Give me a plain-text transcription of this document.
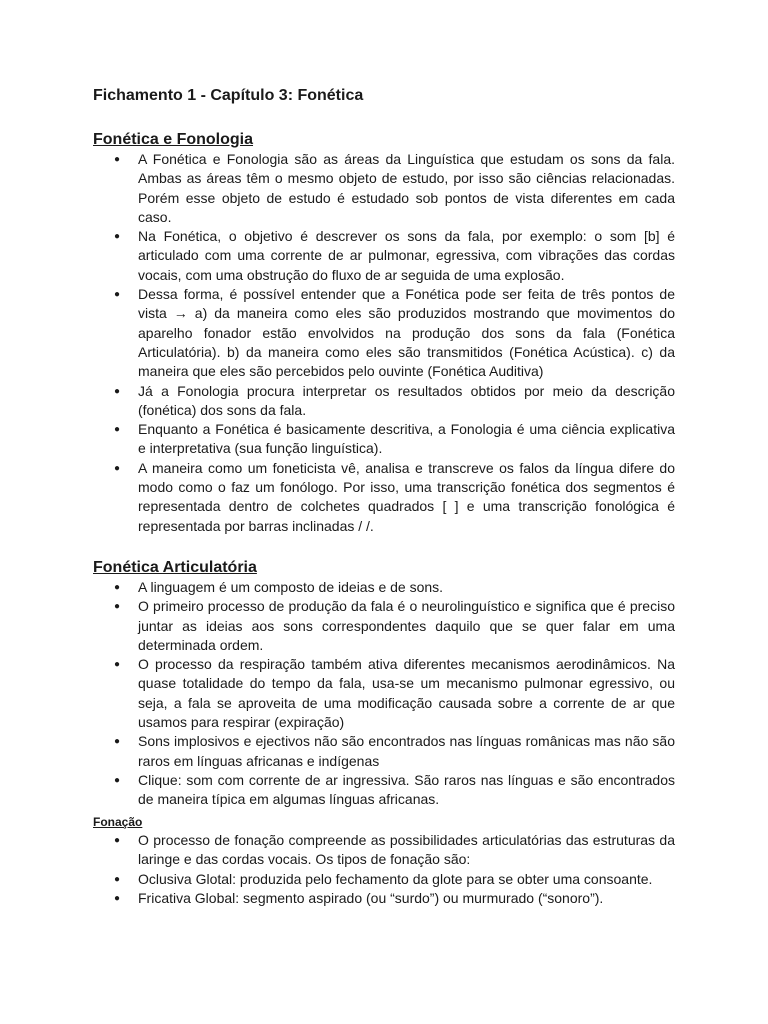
Fichamento 1 - Capítulo 3: Fonética
Fonética e Fonologia
● A Fonética e Fonologia são as áreas da Linguística que estudam os sons da fala. Ambas as áreas têm o mesmo objeto de estudo, por isso são ciências relacionadas. Porém esse objeto de estudo é estudado sob pontos de vista diferentes em cada caso.
● Na Fonética, o objetivo é descrever os sons da fala, por exemplo: o som [b] é articulado com uma corrente de ar pulmonar, egressiva, com vibrações das cordas vocais, com uma obstrução do fluxo de ar seguida de uma explosão.
● Dessa forma, é possível entender que a Fonética pode ser feita de três pontos de vista → a) da maneira como eles são produzidos mostrando que movimentos do aparelho fonador estão envolvidos na produção dos sons da fala (Fonética Articulatória). b) da maneira como eles são transmitidos (Fonética Acústica). c) da maneira que eles são percebidos pelo ouvinte (Fonética Auditiva)
● Já a Fonologia procura interpretar os resultados obtidos por meio da descrição (fonética) dos sons da fala.
● Enquanto a Fonética é basicamente descritiva, a Fonologia é uma ciência explicativa e interpretativa (sua função linguística).
● A maneira como um foneticista vê, analisa e transcreve os falos da língua difere do modo como o faz um fonólogo. Por isso, uma transcrição fonética dos segmentos é representada dentro de colchetes quadrados [ ] e uma transcrição fonológica é representada por barras inclinadas / /.
Fonética Articulatória
● A linguagem é um composto de ideias e de sons.
● O primeiro processo de produção da fala é o neurolinguístico e significa que é preciso juntar as ideias aos sons correspondentes daquilo que se quer falar em uma determinada ordem.
● O processo da respiração também ativa diferentes mecanismos aerodinâmicos. Na quase totalidade do tempo da fala, usa-se um mecanismo pulmonar egressivo, ou seja, a fala se aproveita de uma modificação causada sobre a corrente de ar que usamos para respirar (expiração)
● Sons implosivos e ejectivos não são encontrados nas línguas românicas mas não são raros em línguas africanas e indígenas
● Clique: som com corrente de ar ingressiva. São raros nas línguas e são encontrados de maneira típica em algumas línguas africanas.
Fonação
● O processo de fonação compreende as possibilidades articulatórias das estruturas da laringe e das cordas vocais. Os tipos de fonação são:
● Oclusiva Glotal: produzida pelo fechamento da glote para se obter uma consoante.
● Fricativa Global: segmento aspirado (ou “surdo”) ou murmurado (“sonoro”).
